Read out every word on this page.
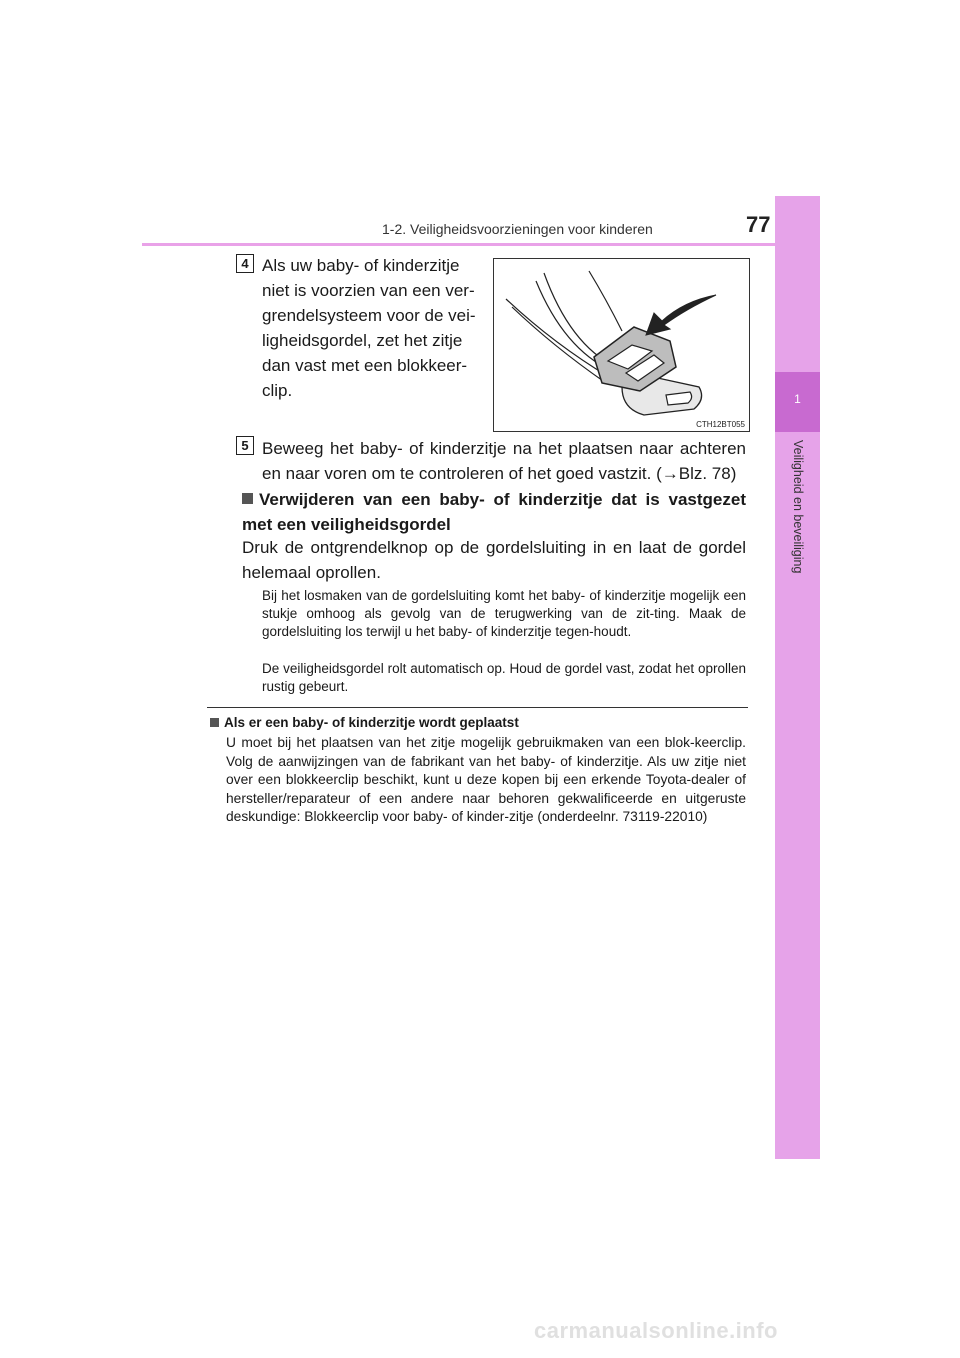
1-2. Veiligheidsvoorzieningen voor kinderen	77
1
Veiligheid en beveiliging
4 Als uw baby- of kinderzitje
niet is voorzien van een ver-
grendelsysteem voor de vei-
ligheidsgordel, zet het zitje
dan vast met een blokkeer-
clip.
CTH12BT055
5 Beweeg het baby- of kinderzitje na het plaatsen naar achteren en naar voren om te controleren of het goed vastzit. (→Blz. 78)
Verwijderen van een baby- of kinderzitje dat is vastgezet met een veiligheidsgordel
Druk de ontgrendelknop op de gordelsluiting in en laat de gordel helemaal oprollen.
Bij het losmaken van de gordelsluiting komt het baby- of kinderzitje mogelijk een stukje omhoog als gevolg van de terugwerking van de zit-ting. Maak de gordelsluiting los terwijl u het baby- of kinderzitje tegen-houdt.
De veiligheidsgordel rolt automatisch op. Houd de gordel vast, zodat het oprollen rustig gebeurt.
Als er een baby- of kinderzitje wordt geplaatst
U moet bij het plaatsen van het zitje mogelijk gebruikmaken van een blok-keerclip. Volg de aanwijzingen van de fabrikant van het baby- of kinderzitje. Als uw zitje niet over een blokkeerclip beschikt, kunt u deze kopen bij een erkende Toyota-dealer of hersteller/reparateur of een andere naar behoren gekwalificeerde en uitgeruste deskundige: Blokkeerclip voor baby- of kinder-zitje (onderdeelnr. 73119-22010)
carmanualsonline.info
